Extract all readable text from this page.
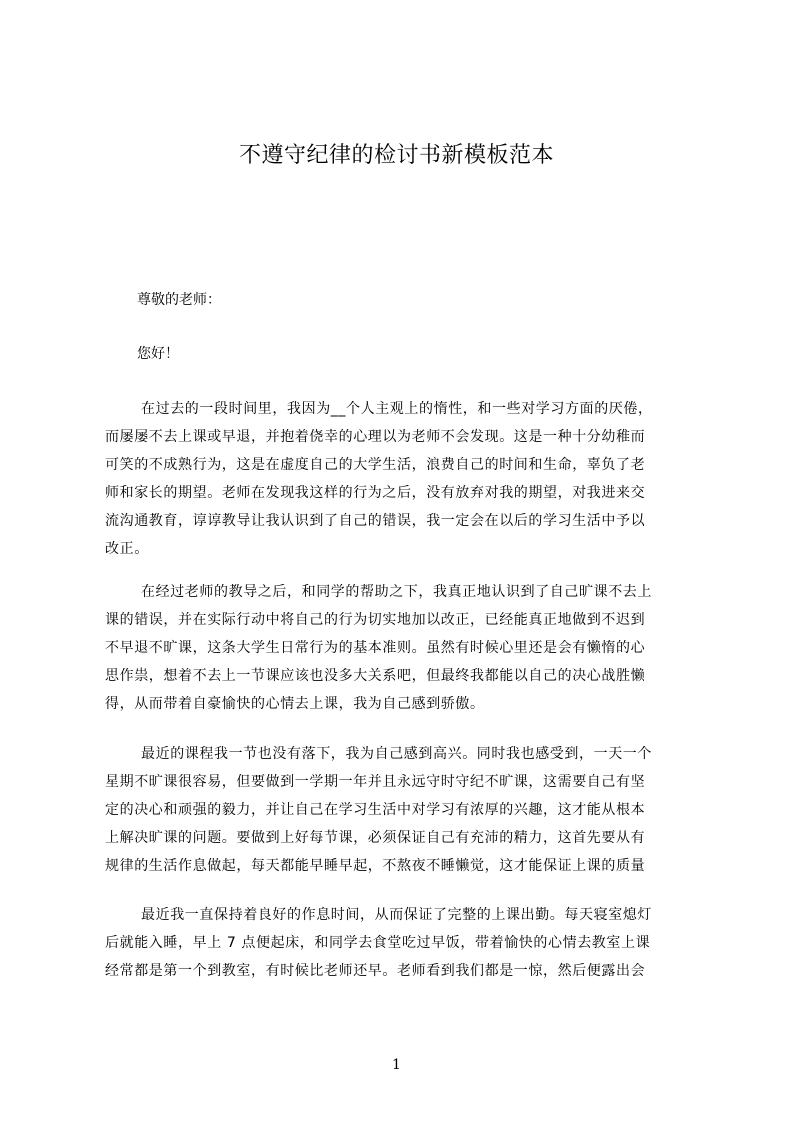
不遵守纪律的检讨书新模板范本
尊敬的老师：
您好！
在过去的一段时间里，我因为__个人主观上的惰性，和一些对学习方面的厌倦，
而屡屡不去上课或早退，并抱着侥幸的心理以为老师不会发现。这是一种十分幼稚而
可笑的不成熟行为，这是在虚度自己的大学生活，浪费自己的时间和生命，辜负了老
师和家长的期望。老师在发现我这样的行为之后，没有放弃对我的期望，对我进来交
流沟通教育，谆谆教导让我认识到了自己的错误，我一定会在以后的学习生活中予以
改正。
在经过老师的教导之后，和同学的帮助之下，我真正地认识到了自己旷课不去上
课的错误，并在实际行动中将自己的行为切实地加以改正，已经能真正地做到不迟到
不早退不旷课，这条大学生日常行为的基本准则。虽然有时候心里还是会有懒惰的心
思作祟，想着不去上一节课应该也没多大关系吧，但最终我都能以自己的决心战胜懒
得，从而带着自豪愉快的心情去上课，我为自己感到骄傲。
最近的课程我一节也没有落下，我为自己感到高兴。同时我也感受到，一天一个
星期不旷课很容易，但要做到一学期一年并且永远守时守纪不旷课，这需要自己有坚
定的决心和顽强的毅力，并让自己在学习生活中对学习有浓厚的兴趣，这才能从根本
上解决旷课的问题。要做到上好每节课，必须保证自己有充沛的精力，这首先要从有
规律的生活作息做起，每天都能早睡早起，不熬夜不睡懒觉，这才能保证上课的质量
最近我一直保持着良好的作息时间，从而保证了完整的上课出勤。每天寝室熄灯
后就能入睡，早上 7 点便起床，和同学去食堂吃过早饭，带着愉快的心情去教室上课
经常都是第一个到教室，有时候比老师还早。老师看到我们都是一惊，然后便露出会
1
